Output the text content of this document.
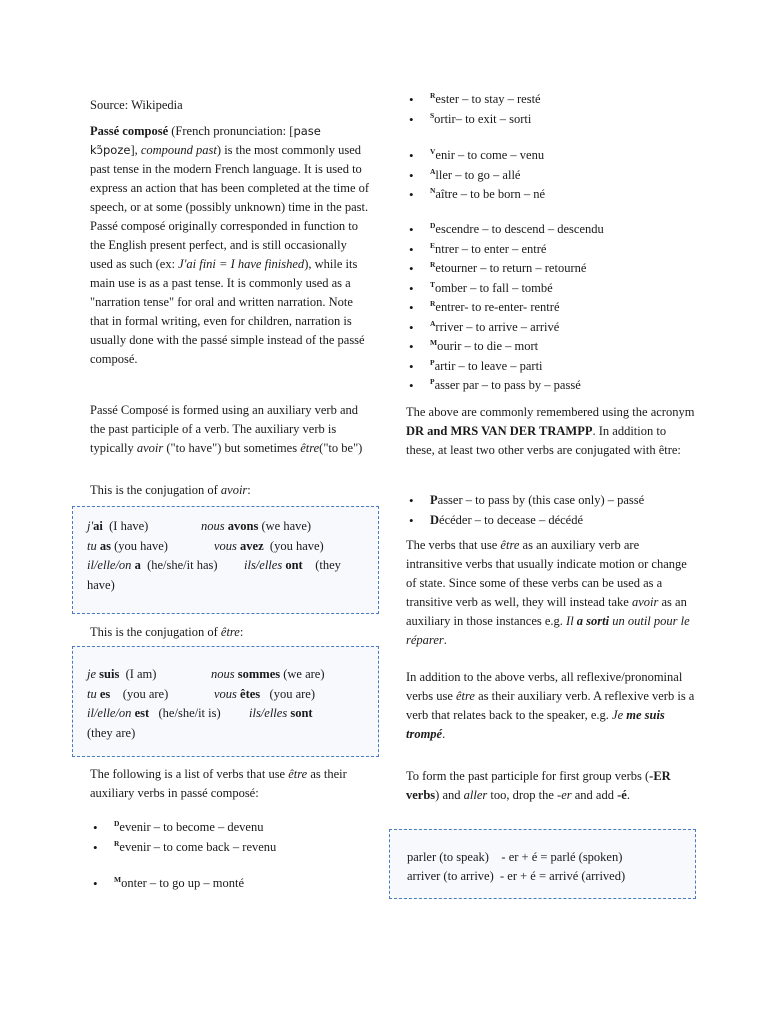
Source: Wikipedia

Passé composé (French pronunciation: [pase kɔ̃poze], compound past) is the most commonly used past tense in the modern French language. It is used to express an action that has been completed at the time of speech, or at some (possibly unknown) time in the past. Passé composé originally corresponded in function to the English present perfect, and is still occasionally used as such (ex: J'ai fini = I have finished), while its main use is as a past tense. It is commonly used as a "narration tense" for oral and written narration. Note that in formal writing, even for children, narration is usually done with the passé simple instead of the passé composé.

Passé Composé is formed using an auxiliary verb and the past participle of a verb. The auxiliary verb is typically avoir ("to have") but sometimes être("to be")

This is the conjugation of avoir:

j'ai (I have)	nous avons (we have)
tu as (you have)	vous avez (you have)
il/elle/on a (he/she/it has) ils/elles ont (they
have)

This is the conjugation of être:

je suis (I am)	nous sommes (we are)
tu es (you are)	vous êtes (you are)
il/elle/on est (he/she/it is) ils/elles sont
(they are)

The following is a list of verbs that use être as their auxiliary verbs in passé composé:

• $^D$evenir – to become – devenu
• $^R$evenir – to come back – revenu
• $^M$onter – to go up – monté
• $^R$ester – to stay – resté
• $^S$ortir– to exit – sorti
• $^V$enir – to come – venu
• $^A$ller – to go – allé
• $^N$aître – to be born – né
• $^D$escendre – to descend – descendu
• $^E$ntrer – to enter – entré
• $^R$etourner – to return – retourné
• $^T$omber – to fall – tombé
• $^R$entrer- to re-enter- rentré
• $^A$rriver – to arrive – arrivé
• $^M$ourir – to die – mort
• $^P$artir – to leave – parti
• $^P$asser par – to pass by – passé

The above are commonly remembered using the acronym DR and MRS VAN DER TRAMPP. In addition to these, at least two other verbs are conjugated with être:

• Passer – to pass by (this case only) – passé
• Décéder – to decease – décédé

The verbs that use être as an auxiliary verb are intransitive verbs that usually indicate motion or change of state. Since some of these verbs can be used as a transitive verb as well, they will instead take avoir as an auxiliary in those instances e.g. Il a sorti un outil pour le réparer.

In addition to the above verbs, all reflexive/pronominal verbs use être as their auxiliary verb. A reflexive verb is a verb that relates back to the speaker, e.g. Je me suis trompé.

To form the past participle for first group verbs (-ER verbs) and aller too, drop the -er and add -é.

parler (to speak)    - er + é = parlé (spoken)
arriver (to arrive)  - er + é = arrivé (arrived)
